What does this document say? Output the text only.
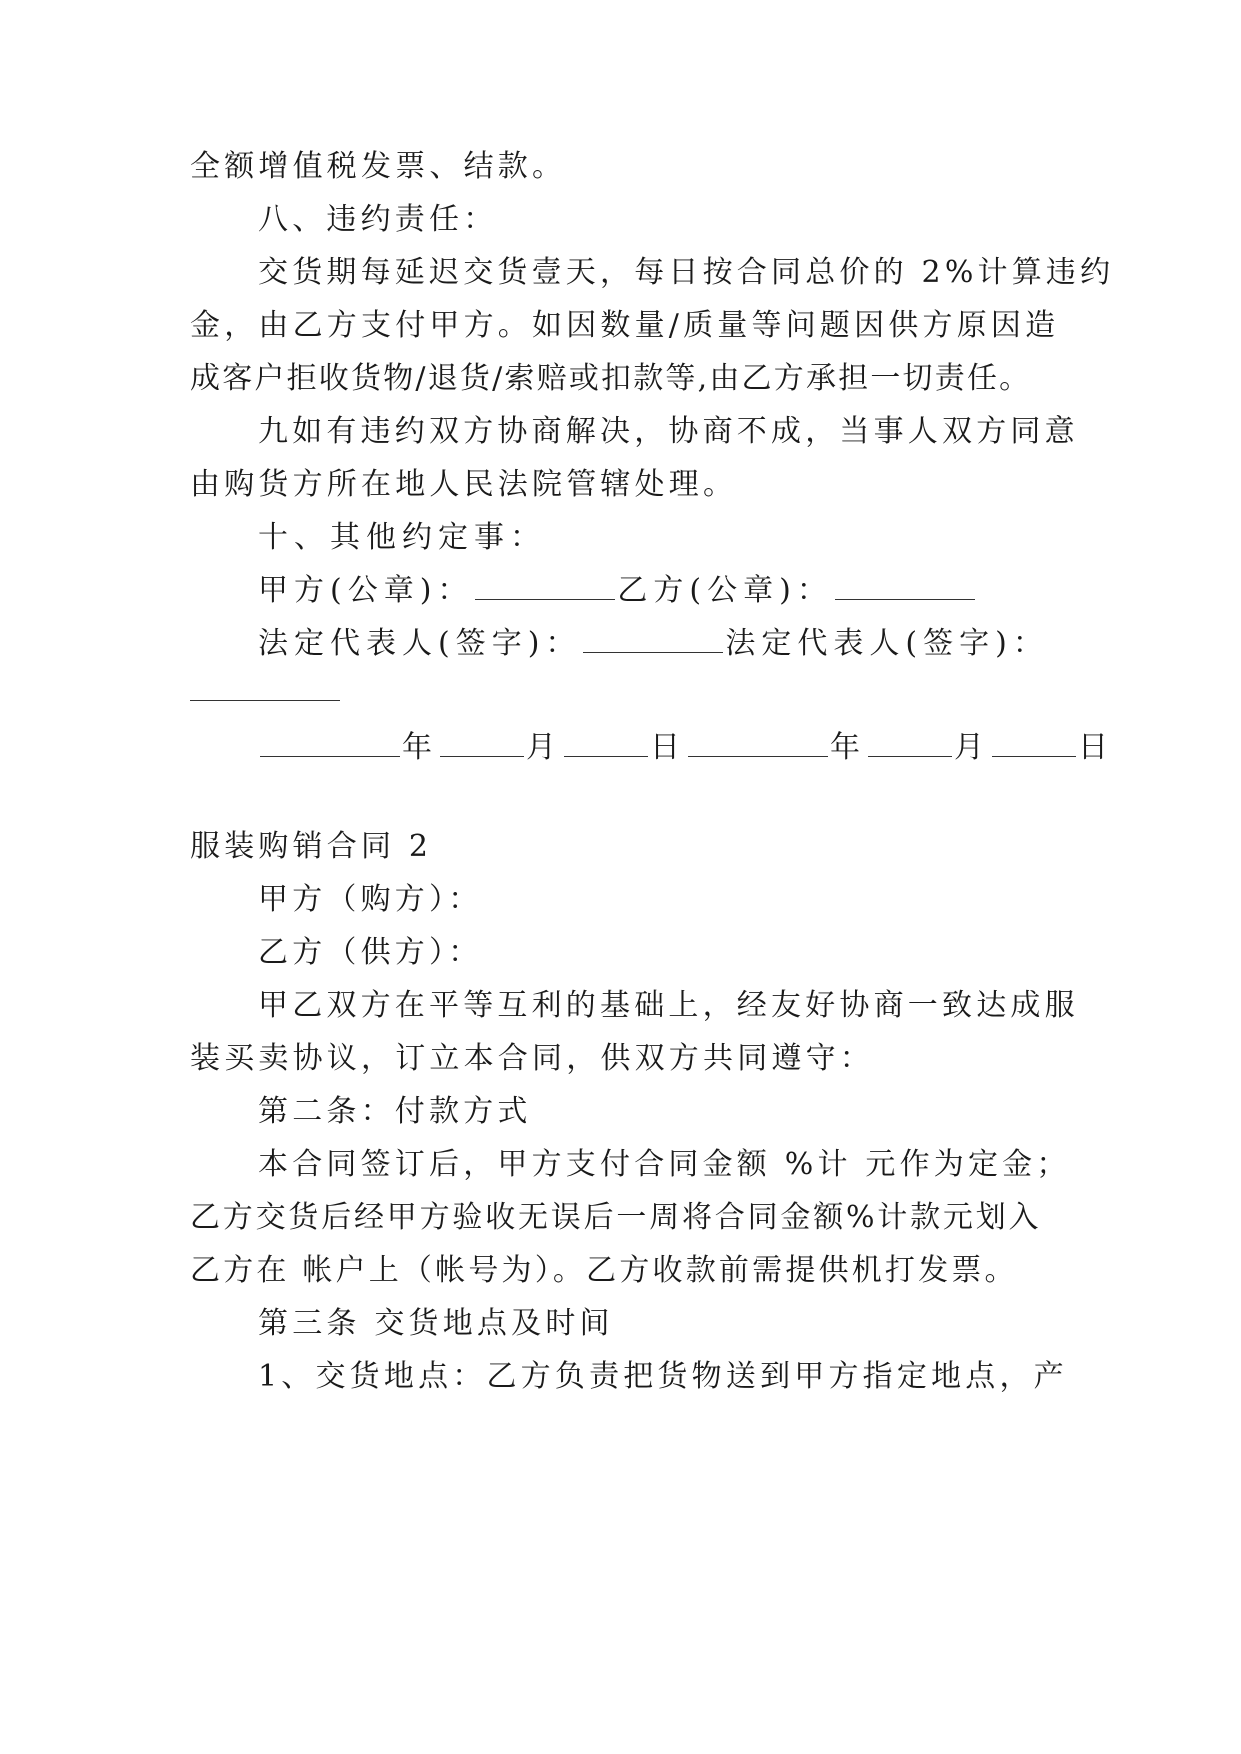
全额增值税发票、结款。
八、违约责任：
交货期每延迟交货壹天，每日按合同总价的 2%计算违约
金，由乙方支付甲方。如因数量/质量等问题因供方原因造
成客户拒收货物/退货/索赔或扣款等,由乙方承担一切责任。
九如有违约双方协商解决，协商不成，当事人双方同意
由购货方所在地人民法院管辖处理。
十、其他约定事：
甲方(公章)：	乙方(公章)：
法定代表人(签字)：	法定代表人(签字)：
年	月	日	年	月	日
服装购销合同 2
甲方（购方）：
乙方（供方）：
甲乙双方在平等互利的基础上，经友好协商一致达成服
装买卖协议，订立本合同，供双方共同遵守：
第二条：付款方式
本合同签订后，甲方支付合同金额 %计 元作为定金；
乙方交货后经甲方验收无误后一周将合同金额%计款元划入
乙方在 帐户上（帐号为）。乙方收款前需提供机打发票。
第三条 交货地点及时间
1、交货地点：乙方负责把货物送到甲方指定地点，产
